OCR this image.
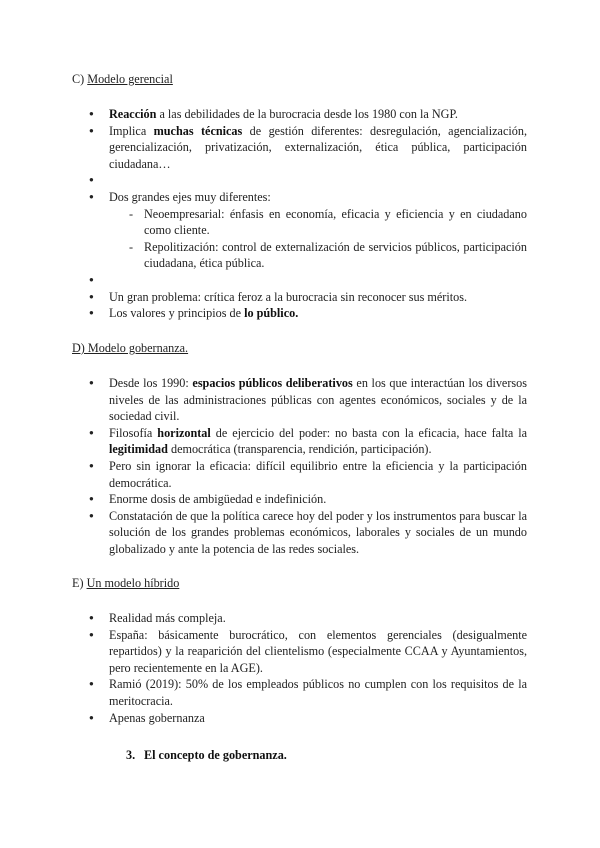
C) Modelo gerencial
● Reacción a las debilidades de la burocracia desde los 1980 con la NGP.
● Implica muchas técnicas de gestión diferentes: desregulación, agencialización, gerencialización, privatización, externalización, ética pública, participación ciudadana…
●
● Dos grandes ejes muy diferentes:
- Neoempresarial: énfasis en economía, eficacia y eficiencia y en ciudadano como cliente.
- Repolitización: control de externalización de servicios públicos, participación ciudadana, ética pública.
●
● Un gran problema: crítica feroz a la burocracia sin reconocer sus méritos.
● Los valores y principios de lo público.
D) Modelo gobernanza.
● Desde los 1990: espacios públicos deliberativos en los que interactúan los diversos niveles de las administraciones públicas con agentes económicos, sociales y de la sociedad civil.
● Filosofía horizontal de ejercicio del poder: no basta con la eficacia, hace falta la legitimidad democrática (transparencia, rendición, participación).
● Pero sin ignorar la eficacia: difícil equilibrio entre la eficiencia y la participación democrática.
● Enorme dosis de ambigüedad e indefinición.
● Constatación de que la política carece hoy del poder y los instrumentos para buscar la solución de los grandes problemas económicos, laborales y sociales de un mundo globalizado y ante la potencia de las redes sociales.
E) Un modelo híbrido
● Realidad más compleja.
● España: básicamente burocrático, con elementos gerenciales (desigualmente repartidos) y la reaparición del clientelismo (especialmente CCAA y Ayuntamientos, pero recientemente en la AGE).
● Ramió (2019): 50% de los empleados públicos no cumplen con los requisitos de la meritocracia.
● Apenas gobernanza
3. El concepto de gobernanza.
